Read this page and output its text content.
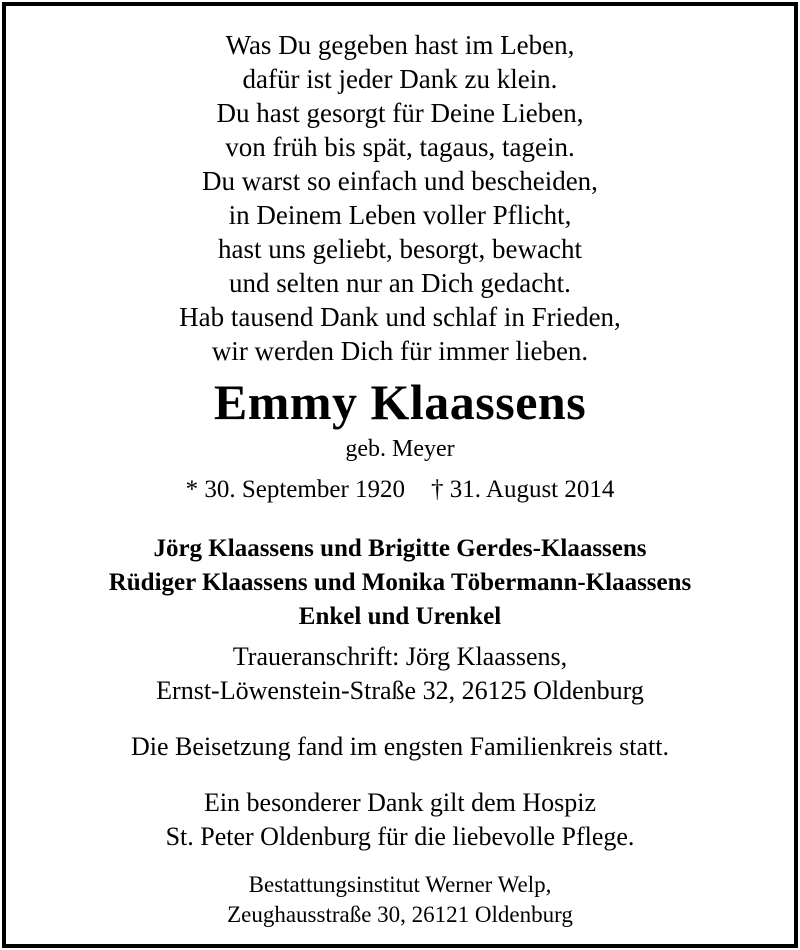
Was Du gegeben hast im Leben,
dafür ist jeder Dank zu klein.
Du hast gesorgt für Deine Lieben,
von früh bis spät, tagaus, tagein.
Du warst so einfach und bescheiden,
in Deinem Leben voller Pflicht,
hast uns geliebt, besorgt, bewacht
und selten nur an Dich gedacht.
Hab tausend Dank und schlaf in Frieden,
wir werden Dich für immer lieben.
Emmy Klaassens
geb. Meyer
* 30. September 1920 † 31. August 2014
Jörg Klaassens und Brigitte Gerdes-Klaassens
Rüdiger Klaassens und Monika Töbermann-Klaassens
Enkel und Urenkel
Traueranschrift: Jörg Klaassens,
Ernst-Löwenstein-Straße 32, 26125 Oldenburg
Die Beisetzung fand im engsten Familienkreis statt.
Ein besonderer Dank gilt dem Hospiz
St. Peter Oldenburg für die liebevolle Pflege.
Bestattungsinstitut Werner Welp,
Zeughausstraße 30, 26121 Oldenburg
